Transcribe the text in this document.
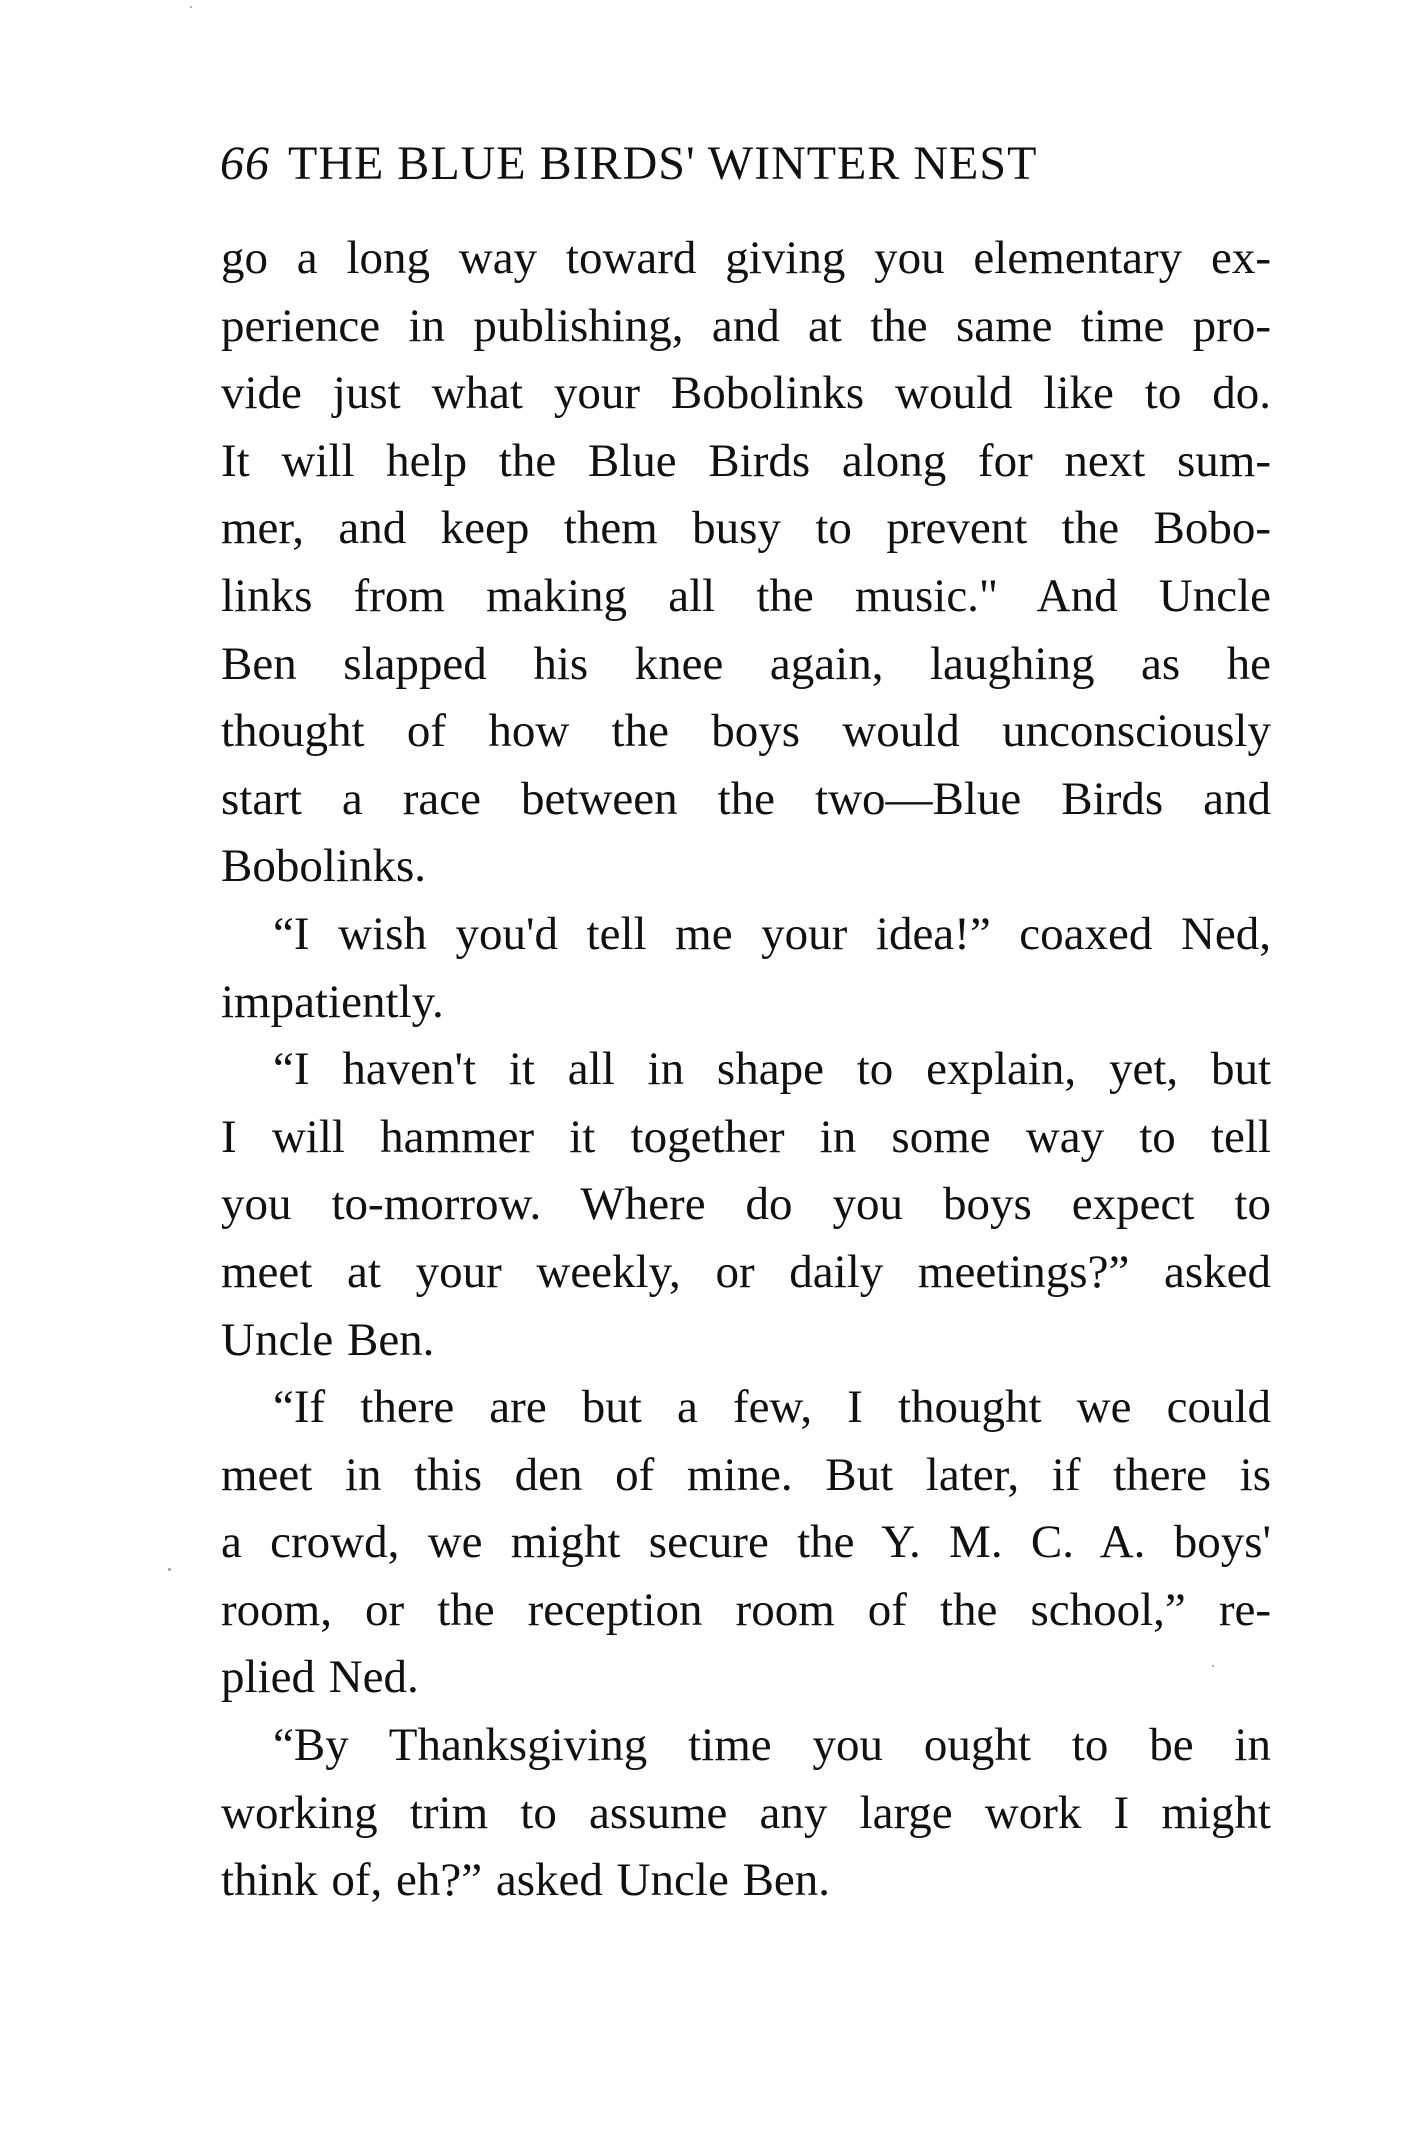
66 THE BLUE BIRDS' WINTER NEST
go a long way toward giving you elementary ex-
perience in publishing, and at the same time pro-
vide just what your Bobolinks would like to do.
It will help the Blue Birds along for next sum-
mer, and keep them busy to prevent the Bobo-
links from making all the music." And Uncle
Ben slapped his knee again, laughing as he
thought of how the boys would unconsciously
start a race between the two—Blue Birds and
Bobolinks.
“I wish you'd tell me your idea!” coaxed Ned,
impatiently.
“I haven't it all in shape to explain, yet, but
I will hammer it together in some way to tell
you to-morrow. Where do you boys expect to
meet at your weekly, or daily meetings?” asked
Uncle Ben.
“If there are but a few, I thought we could
meet in this den of mine. But later, if there is
a crowd, we might secure the Y. M. C. A. boys'
room, or the reception room of the school,” re-
plied Ned.
“By Thanksgiving time you ought to be in
working trim to assume any large work I might
think of, eh?” asked Uncle Ben.
